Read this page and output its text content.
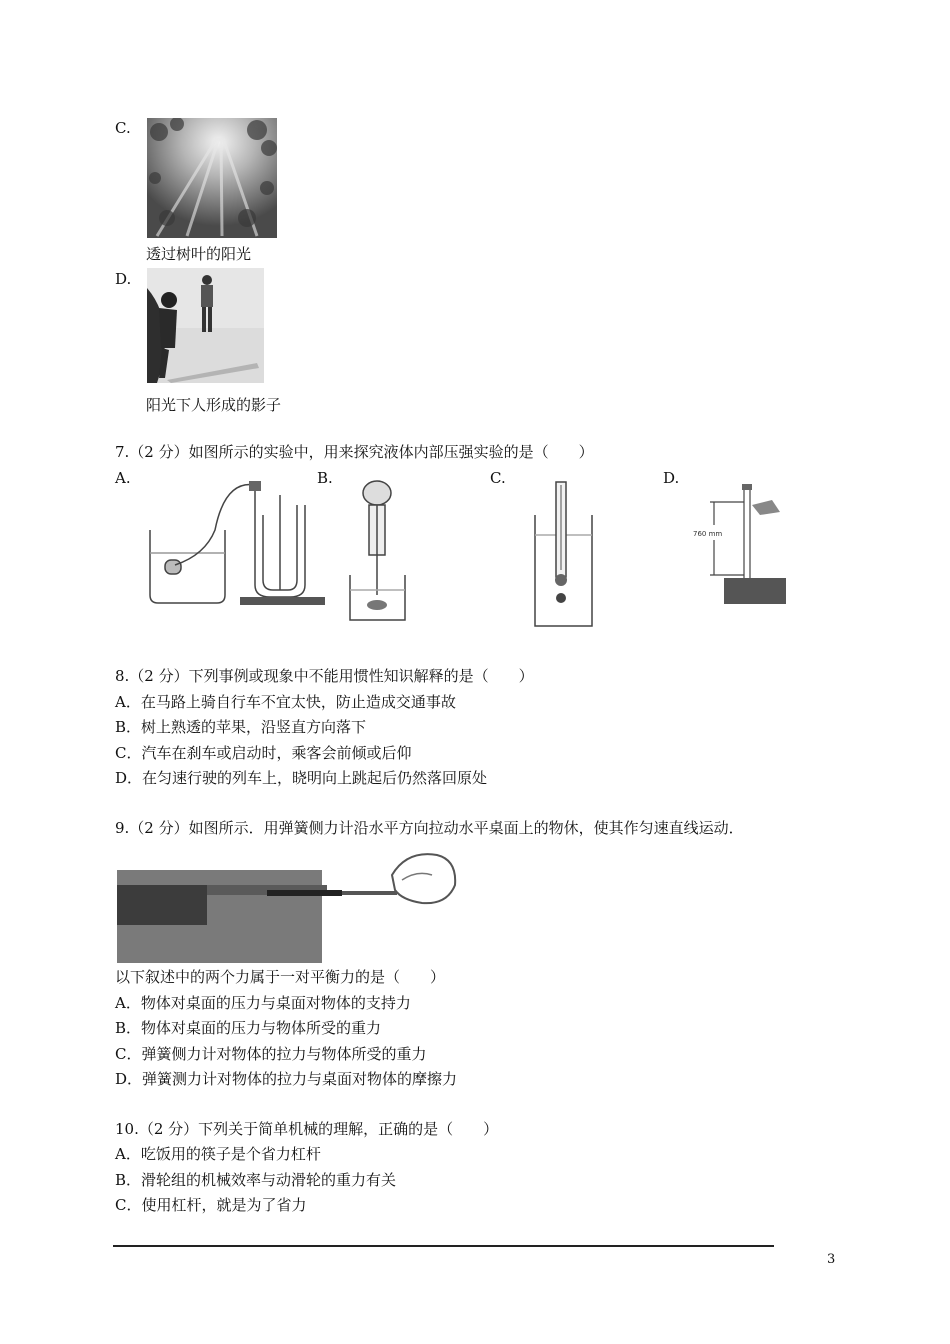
C.
透过树叶的阳光
D.
阳光下人形成的影子
7.（2 分）如图所示的实验中，用来探究液体内部压强实验的是（　　）
A.	B.	C.	D.
760 mm
8.（2 分）下列事例或现象中不能用惯性知识解释的是（　　）
A．在马路上骑自行车不宜太快，防止造成交通事故
B．树上熟透的苹果，沿竖直方向落下
C．汽车在刹车或启动时，乘客会前倾或后仰
D．在匀速行驶的列车上，晓明向上跳起后仍然落回原处
9.（2 分）如图所示．用弹簧侧力计沿水平方向拉动水平桌面上的物休，使其作匀速直线运动．
以下叙述中的两个力属于一对平衡力的是（　　）
A．物体对桌面的压力与桌面对物体的支持力
B．物体对桌面的压力与物体所受的重力
C．弹簧侧力计对物体的拉力与物体所受的重力
D．弹簧测力计对物体的拉力与桌面对物体的摩擦力
10.（2 分）下列关于简单机械的理解，正确的是（　　）
A．吃饭用的筷子是个省力杠杆
B．滑轮组的机械效率与动滑轮的重力有关
C．使用杠杆，就是为了省力
3
